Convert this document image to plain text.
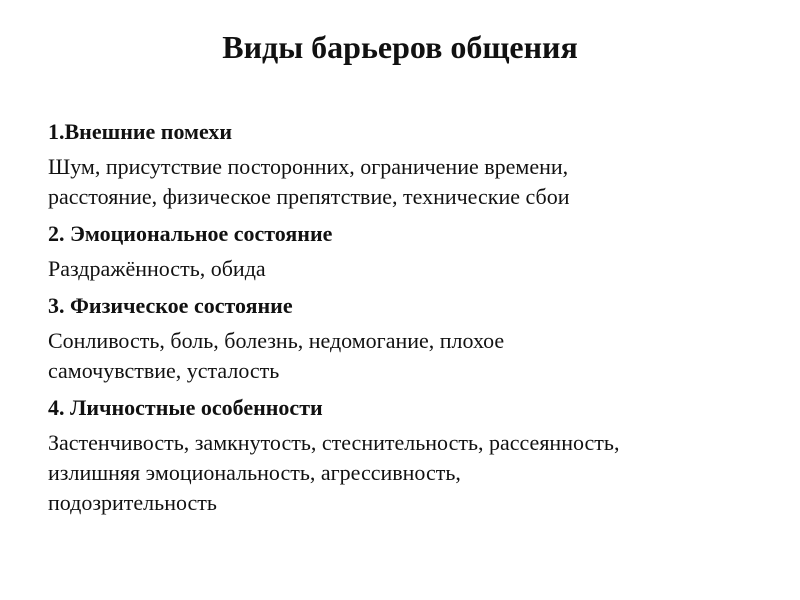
Виды барьеров общения
1.Внешние помехи
Шум, присутствие посторонних, ограничение времени,
расстояние, физическое препятствие, технические сбои
2. Эмоциональное состояние
Раздражённость, обида
3. Физическое состояние
Сонливость, боль, болезнь, недомогание, плохое
самочувствие, усталость
4. Личностные особенности
Застенчивость, замкнутость, стеснительность, рассеянность,
излишняя эмоциональность, агрессивность,
подозрительность
